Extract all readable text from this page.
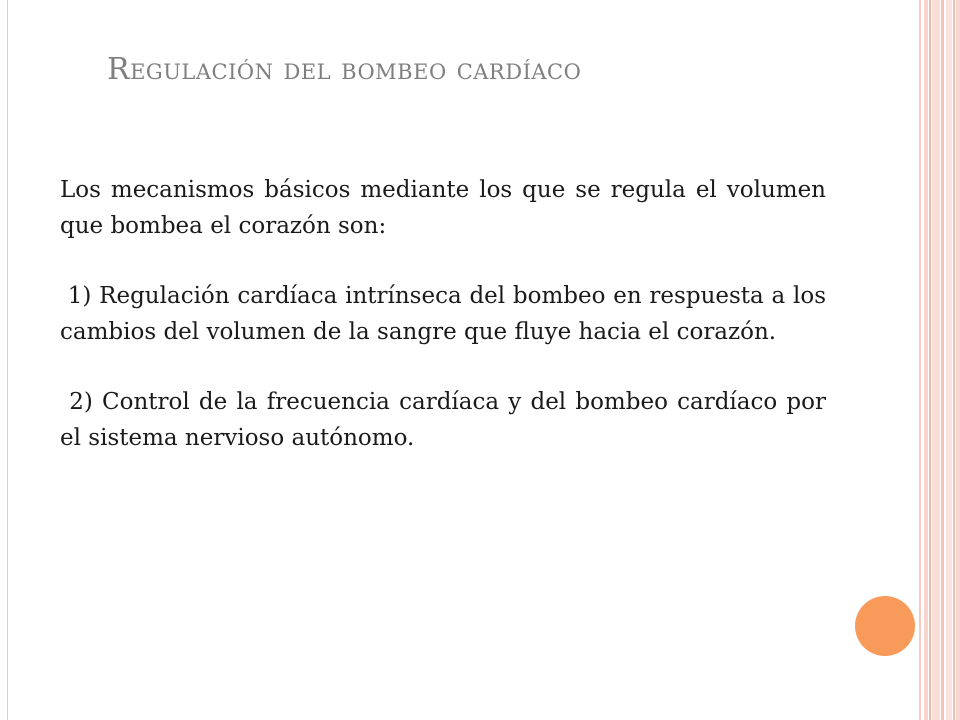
Regulación del bombeo cardíaco

Los mecanismos básicos mediante los que se regula el volumen que bombea el corazón son:

1) Regulación cardíaca intrínseca del bombeo en respuesta a los cambios del volumen de la sangre que fluye hacia el corazón.

2) Control de la frecuencia cardíaca y del bombeo cardíaco por el sistema nervioso autónomo.
